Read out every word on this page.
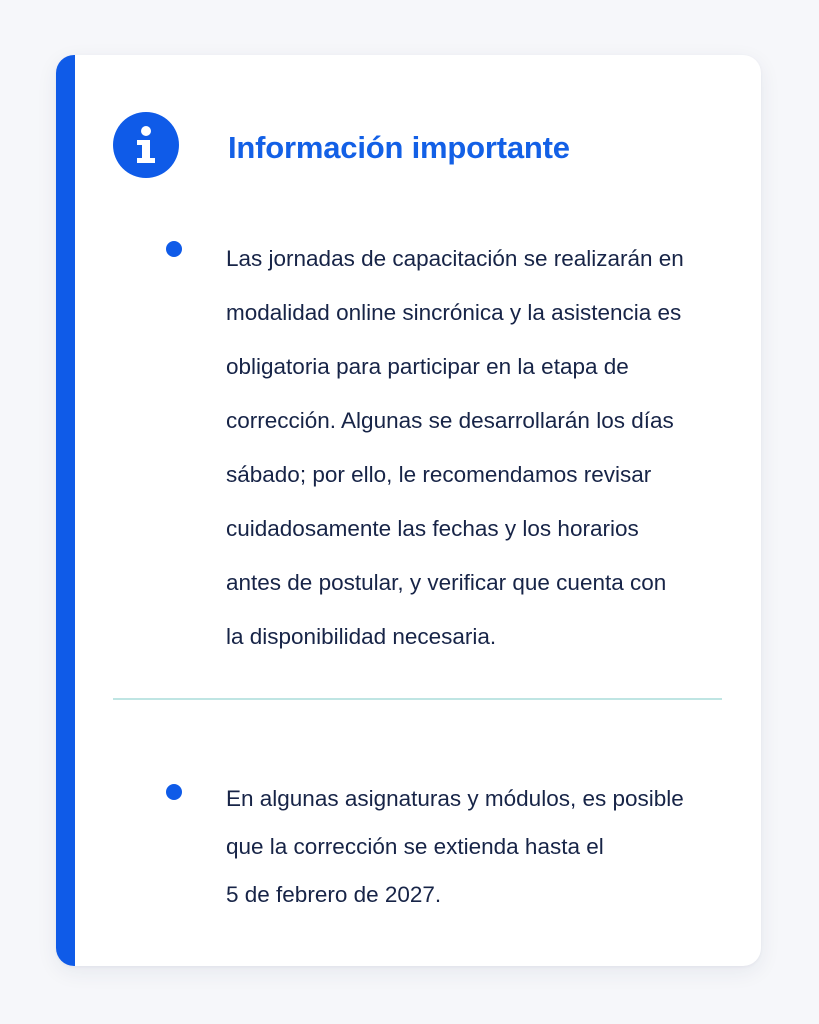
Información importante

Las jornadas de capacitación se realizarán en
modalidad online sincrónica y la asistencia es
obligatoria para participar en la etapa de
corrección. Algunas se desarrollarán los días
sábado; por ello, le recomendamos revisar
cuidadosamente las fechas y los horarios
antes de postular, y verificar que cuenta con
la disponibilidad necesaria.

En algunas asignaturas y módulos, es posible
que la corrección se extienda hasta el
5 de febrero de 2027.
